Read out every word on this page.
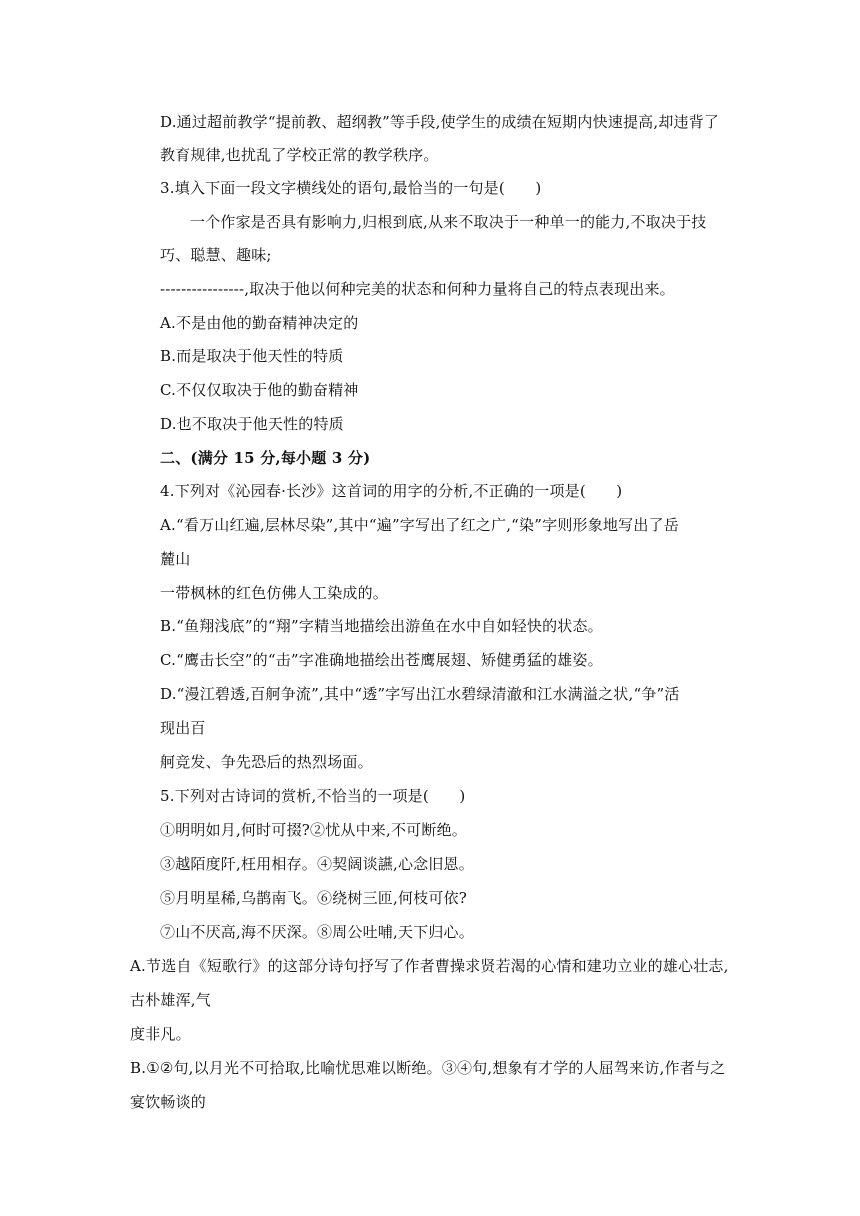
D.通过超前教学“提前教、超纲教”等手段,使学生的成绩在短期内快速提高,却违背了
教育规律,也扰乱了学校正常的教学秩序。
3.填入下面一段文字横线处的语句,最恰当的一句是(　　)
一个作家是否具有影响力,归根到底,从来不取决于一种单一的能力,不取决于技
巧、聪慧、趣味;
----------------,取决于他以何种完美的状态和何种力量将自己的特点表现出来。
A.不是由他的勤奋精神决定的
B.而是取决于他天性的特质
C.不仅仅取决于他的勤奋精神
D.也不取决于他天性的特质
二、(满分 15 分,每小题 3 分)
4.下列对《沁园春·长沙》这首词的用字的分析,不正确的一项是(　　)
A.“看万山红遍,层林尽染”,其中“遍”字写出了红之广,“染”字则形象地写出了岳
麓山
一带枫林的红色仿佛人工染成的。
B.“鱼翔浅底”的“翔”字精当地描绘出游鱼在水中自如轻快的状态。
C.“鹰击长空”的“击”字准确地描绘出苍鹰展翅、矫健勇猛的雄姿。
D.“漫江碧透,百舸争流”,其中“透”字写出江水碧绿清澈和江水满溢之状,“争”活
现出百
舸竞发、争先恐后的热烈场面。
5.下列对古诗词的赏析,不恰当的一项是(　　)
①明明如月,何时可掇?②忧从中来,不可断绝。
③越陌度阡,枉用相存。④契阔谈讌,心念旧恩。
⑤月明星稀,乌鹊南飞。⑥绕树三匝,何枝可依?
⑦山不厌高,海不厌深。⑧周公吐哺,天下归心。
A.节选自《短歌行》的这部分诗句抒写了作者曹操求贤若渴的心情和建功立业的雄心壮志,
古朴雄浑,气
度非凡。
B.①②句,以月光不可拾取,比喻忧思难以断绝。③④句,想象有才学的人屈驾来访,作者与之
宴饮畅谈的
